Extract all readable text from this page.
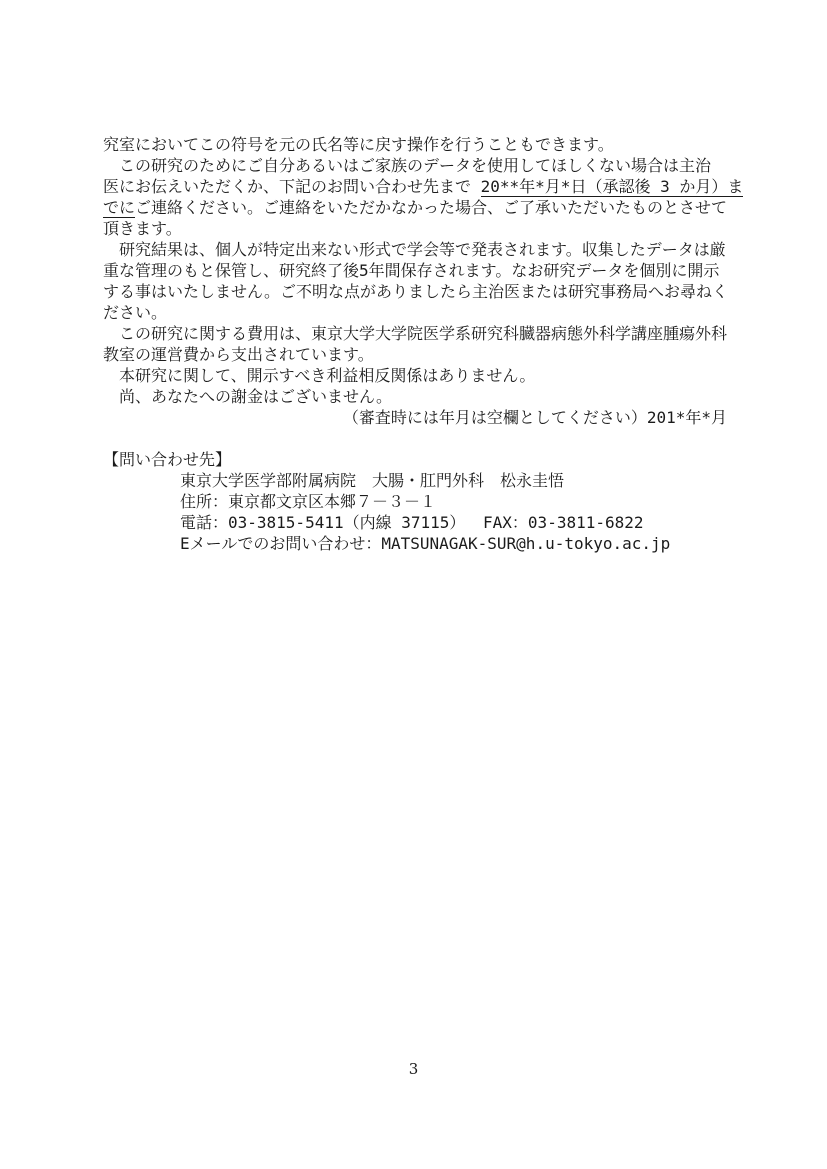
究室においてこの符号を元の氏名等に戻す操作を行うこともできます。
　この研究のためにご自分あるいはご家族のデータを使用してほしくない場合は主治
医にお伝えいただくか、下記のお問い合わせ先まで 20**年*月*日（承認後 3 か月）ま
でにご連絡ください。ご連絡をいただかなかった場合、ご了承いただいたものとさせて
頂きます。
　研究結果は、個人が特定出来ない形式で学会等で発表されます。収集したデータは厳
重な管理のもと保管し、研究終了後5年間保存されます。なお研究データを個別に開示
する事はいたしません。ご不明な点がありましたら主治医または研究事務局へお尋ねく
ださい。
　この研究に関する費用は、東京大学大学院医学系研究科臓器病態外科学講座腫瘍外科
教室の運営費から支出されています。
　本研究に関して、開示すべき利益相反関係はありません。
　尚、あなたへの謝金はございません。
（審査時には年月は空欄としてください）201*年*月
【問い合わせ先】
東京大学医学部附属病院　大腸・肛門外科　松永圭悟
住所：東京都文京区本郷７－３－１
電話：03-3815-5411（内線 37115）　 FAX：03-3811-6822
Eメールでのお問い合わせ：MATSUNAGAK-SUR@h.u-tokyo.ac.jp
3
